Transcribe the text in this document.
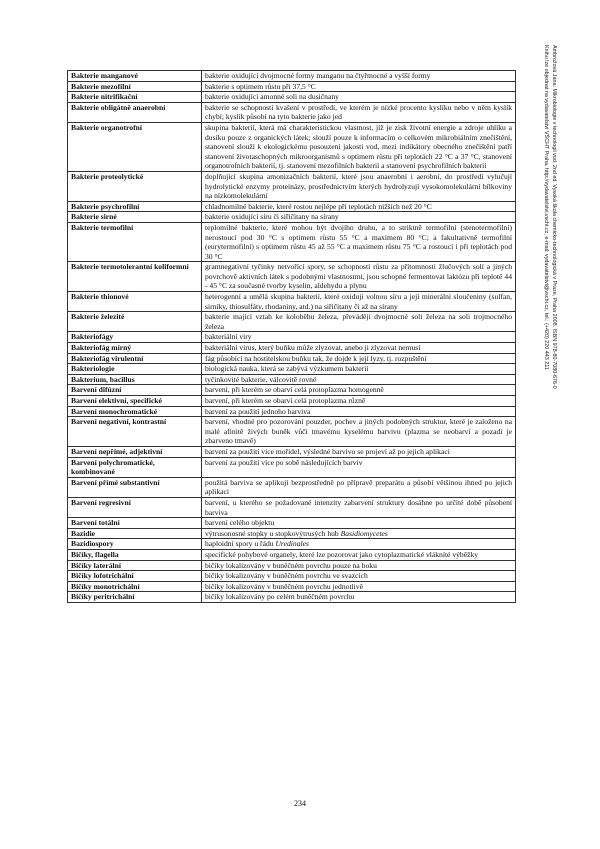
Bakterie manganové	bakterie oxidující dvojmocné formy manganu na čtyřmocné a vyšší formy
Bakterie mezofilní	bakterie s optimem růstu při 37,5 °C
Bakterie nitrifikační	bakterie oxidující amonné soli na dusičnany
Bakterie obligátně anaerobní	bakterie se schopností kvašení v prostředí, ve kterém je nízké procento kyslíku nebo v něm kyslík chybí; kyslík působí na tyto bakterie jako jed
Bakterie organotrofní	skupina bakterií, která má charakteristickou vlastnost, jíž je zisk životní energie a zdroje uhlíku a dusíku pouze z organických látek; slouží pouze k informacím o celkovém mikrobiálním znečištění, stanovení slouží k ekologickému posouzení jakosti vod, mezi indikátory obecného znečištění patří stanovení životaschopných mikroorganismů s optimem růstu při teplotách 22 °C a 37 °C, stanovení organotrofních bakterií, tj. stanovení mezofilních bakterií a stanovení psychrofilních bakterií
Bakterie proteolytické	doplňující skupina amonizačních bakterií, které jsou anaerobní i aerobní, do prostředí vylučují hydrolytické enzymy proteinázy, prostřednictvím kterých hydrolyzují vysokomolekulární bílkoviny na nízkomolekulární
Bakterie psychrofilní	chladnomilné bakterie, které rostou nejlépe při teplotách nižších než 20 °C
Bakterie sirné	bakterie oxidující síru či siřičitany na sírany
Bakterie termofilní	teplomilné bakterie, které mohou být dvojího druhu, a to striktně termofilní (stenotermofilní) nerostoucí pod 30 °C s optimem růstu 55 °C a maximem 80 °C; a fakultativně termofilní (eurytermofilní) s optimem růstu 45 až 55 °C a maximem růstu 75 °C a rostoucí i při teplotách pod 30 °C
Bakterie termotolerantní koliformní	gramnegativní tyčinky netvořící spory, se schopností růstu za přítomnosti žlučových solí a jiných povrchově aktivních látek s podobnými vlastnostmi, jsou schopné fermentovat laktózu při teplotě 44 - 45 °C za současné tvorby kyselin, aldehydu a plynu
Bakterie thionové	heterogenní a umělá skupina bakterií, které oxidují volnou síru a její minerální sloučeniny (sulfan, sirníky, thiosulfáty, rhodaniny, atd.) na siřičitany či až na sírany
Bakterie železité	bakterie mající vztah ke koloběhu železa, převádějí dvojmocné soli železa na soli trojmocného železa
Bakteriofágy	bakteriální viry
Bakteriofág mírný	bakteriální virus, který buňku může zlyzovat, anebo ji zlyzovat nemusí
Bakteriofág virulentní	fág působící na hostitelskou buňku tak, že dojde k její lyzy, tj. rozpuštění
Bakteriologie	biologická nauka, která se zabývá výzkumem bakterií
Bakterium, bacillus	tyčinkovité bakterie, válcovitě rovné
Barvení difúzní	barvení, při kterém se obarví celá protoplazma homogenně
Barvení elektivní, specifické	barvení, při kterém se obarví celá protoplazma různě
Barvení monochromatické	barvení za použití jednoho barviva
Barvení negativní, kontrastní	barvení, vhodné pro pozorování pouzder, pochev a jiných podobných struktur, které je založeno na malé afinitě živých buněk vůči tmavému kyselému barvivu (plazma se neobarví a pozadí je zbarveno tmavě)
Barvení nepřímé, adjektivní	barvení za použití více mořidel, výsledné barvivo se projeví až po jejich aplikaci
Barvení polychromatické, kombinované	barvení za použití více po sobě následujících barviv
Barvení přímé substantivní	použitá barviva se aplikují bezprostředně po přípravě preparátu a působí většinou ihned po jejich aplikaci
Barvení regresivní	barvení, u kterého se požadované intenzity zabarvení struktury dosáhne po určité době působení barviva
Barvení totální	barvení celého objektu
Bazidie	výtrusonosné stopky u stopkovýtrusých hub Basidiomycetes
Bazidiospory	haploidní spory u řádu Uredinales
Bičíky, flagella	specifické pohybové organely, které lze pozorovat jako cytoplazmatické vlákníté výběžky
Bičíky laterální	bičíky lokalizovány v buněčném povrchu pouze na boku
Bičíky lofotrichální	bičíky lokalizovány v buněčném povrchu ve svazcích
Bičíky monotrichální	bičíky lokalizovány v buněčném povrchu jednotlivě
Bičíky peritrichální	bičíky lokalizovány po celém buněčném povrchu
Ambrožová Jana: Mikrobiologie v technologii vod. 2nd ed. Vysoká škola chemicko-technologická v Praze, Praha 2008. ISBN 978-80-7080-676-0
Knihu lze objednat na vydavatelství VŠCHT Praha, http://vydavatelstvi.vscht.cz, e-mail: vydavatelstvi@vscht.cz, tel.: (+420) 220 443 211
234
